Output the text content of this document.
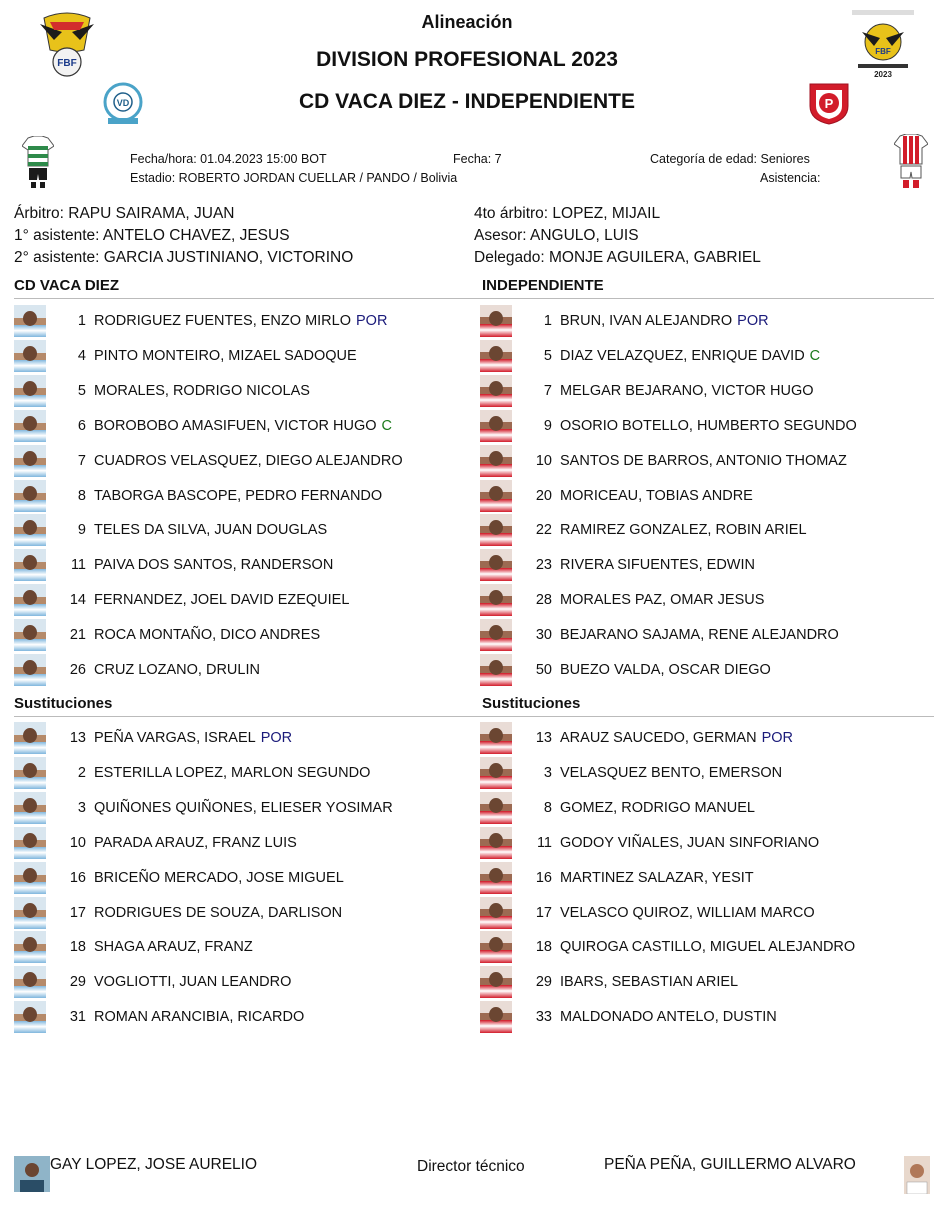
FBF
FBF
2023
VD	P
Alineación
DIVISION PROFESIONAL 2023
CD VACA DIEZ - INDEPENDIENTE
Fecha/hora: 01.04.2023 15:00 BOT	Fecha: 7	Categoría de edad: Seniores
Estadio: ROBERTO JORDAN CUELLAR / PANDO / Bolivia	Asistencia:
Árbitro: RAPU SAIRAMA, JUAN
1° asistente: ANTELO CHAVEZ, JESUS
2° asistente: GARCIA JUSTINIANO, VICTORINO
4to árbitro: LOPEZ, MIJAIL
Asesor: ANGULO, LUIS
Delegado: MONJE AGUILERA, GABRIEL
CD VACA DIEZ	INDEPENDIENTE
Sustituciones	Sustituciones
1 RODRIGUEZ FUENTES, ENZO MIRLO POR
4 PINTO MONTEIRO, MIZAEL SADOQUE
5 MORALES, RODRIGO NICOLAS
6 BOROBOBO AMASIFUEN, VICTOR HUGO C
7 CUADROS VELASQUEZ, DIEGO ALEJANDRO
8 TABORGA BASCOPE, PEDRO FERNANDO
9 TELES DA SILVA, JUAN DOUGLAS
11 PAIVA DOS SANTOS, RANDERSON
14 FERNANDEZ, JOEL DAVID EZEQUIEL
21 ROCA MONTAÑO, DICO ANDRES
26 CRUZ LOZANO, DRULIN
1 BRUN, IVAN ALEJANDRO POR
5 DIAZ VELAZQUEZ, ENRIQUE DAVID C
7 MELGAR BEJARANO, VICTOR HUGO
9 OSORIO BOTELLO, HUMBERTO SEGUNDO
10 SANTOS DE BARROS, ANTONIO THOMAZ
20 MORICEAU, TOBIAS ANDRE
22 RAMIREZ GONZALEZ, ROBIN ARIEL
23 RIVERA SIFUENTES, EDWIN
28 MORALES PAZ, OMAR JESUS
30 BEJARANO SAJAMA, RENE ALEJANDRO
50 BUEZO VALDA, OSCAR DIEGO
13 PEÑA VARGAS, ISRAEL POR
2 ESTERILLA LOPEZ, MARLON SEGUNDO
3 QUIÑONES QUIÑONES, ELIESER YOSIMAR
10 PARADA ARAUZ, FRANZ LUIS
16 BRICEÑO MERCADO, JOSE MIGUEL
17 RODRIGUES DE SOUZA, DARLISON
18 SHAGA ARAUZ, FRANZ
29 VOGLIOTTI, JUAN LEANDRO
31 ROMAN ARANCIBIA, RICARDO
13 ARAUZ SAUCEDO, GERMAN POR
3 VELASQUEZ BENTO, EMERSON
8 GOMEZ, RODRIGO MANUEL
11 GODOY VIÑALES, JUAN SINFORIANO
16 MARTINEZ SALAZAR, YESIT
17 VELASCO QUIROZ, WILLIAM MARCO
18 QUIROGA CASTILLO, MIGUEL ALEJANDRO
29 IBARS, SEBASTIAN ARIEL
33 MALDONADO ANTELO, DUSTIN
GAY LOPEZ, JOSE AURELIO	Director técnico	PEÑA PEÑA, GUILLERMO ALVARO
